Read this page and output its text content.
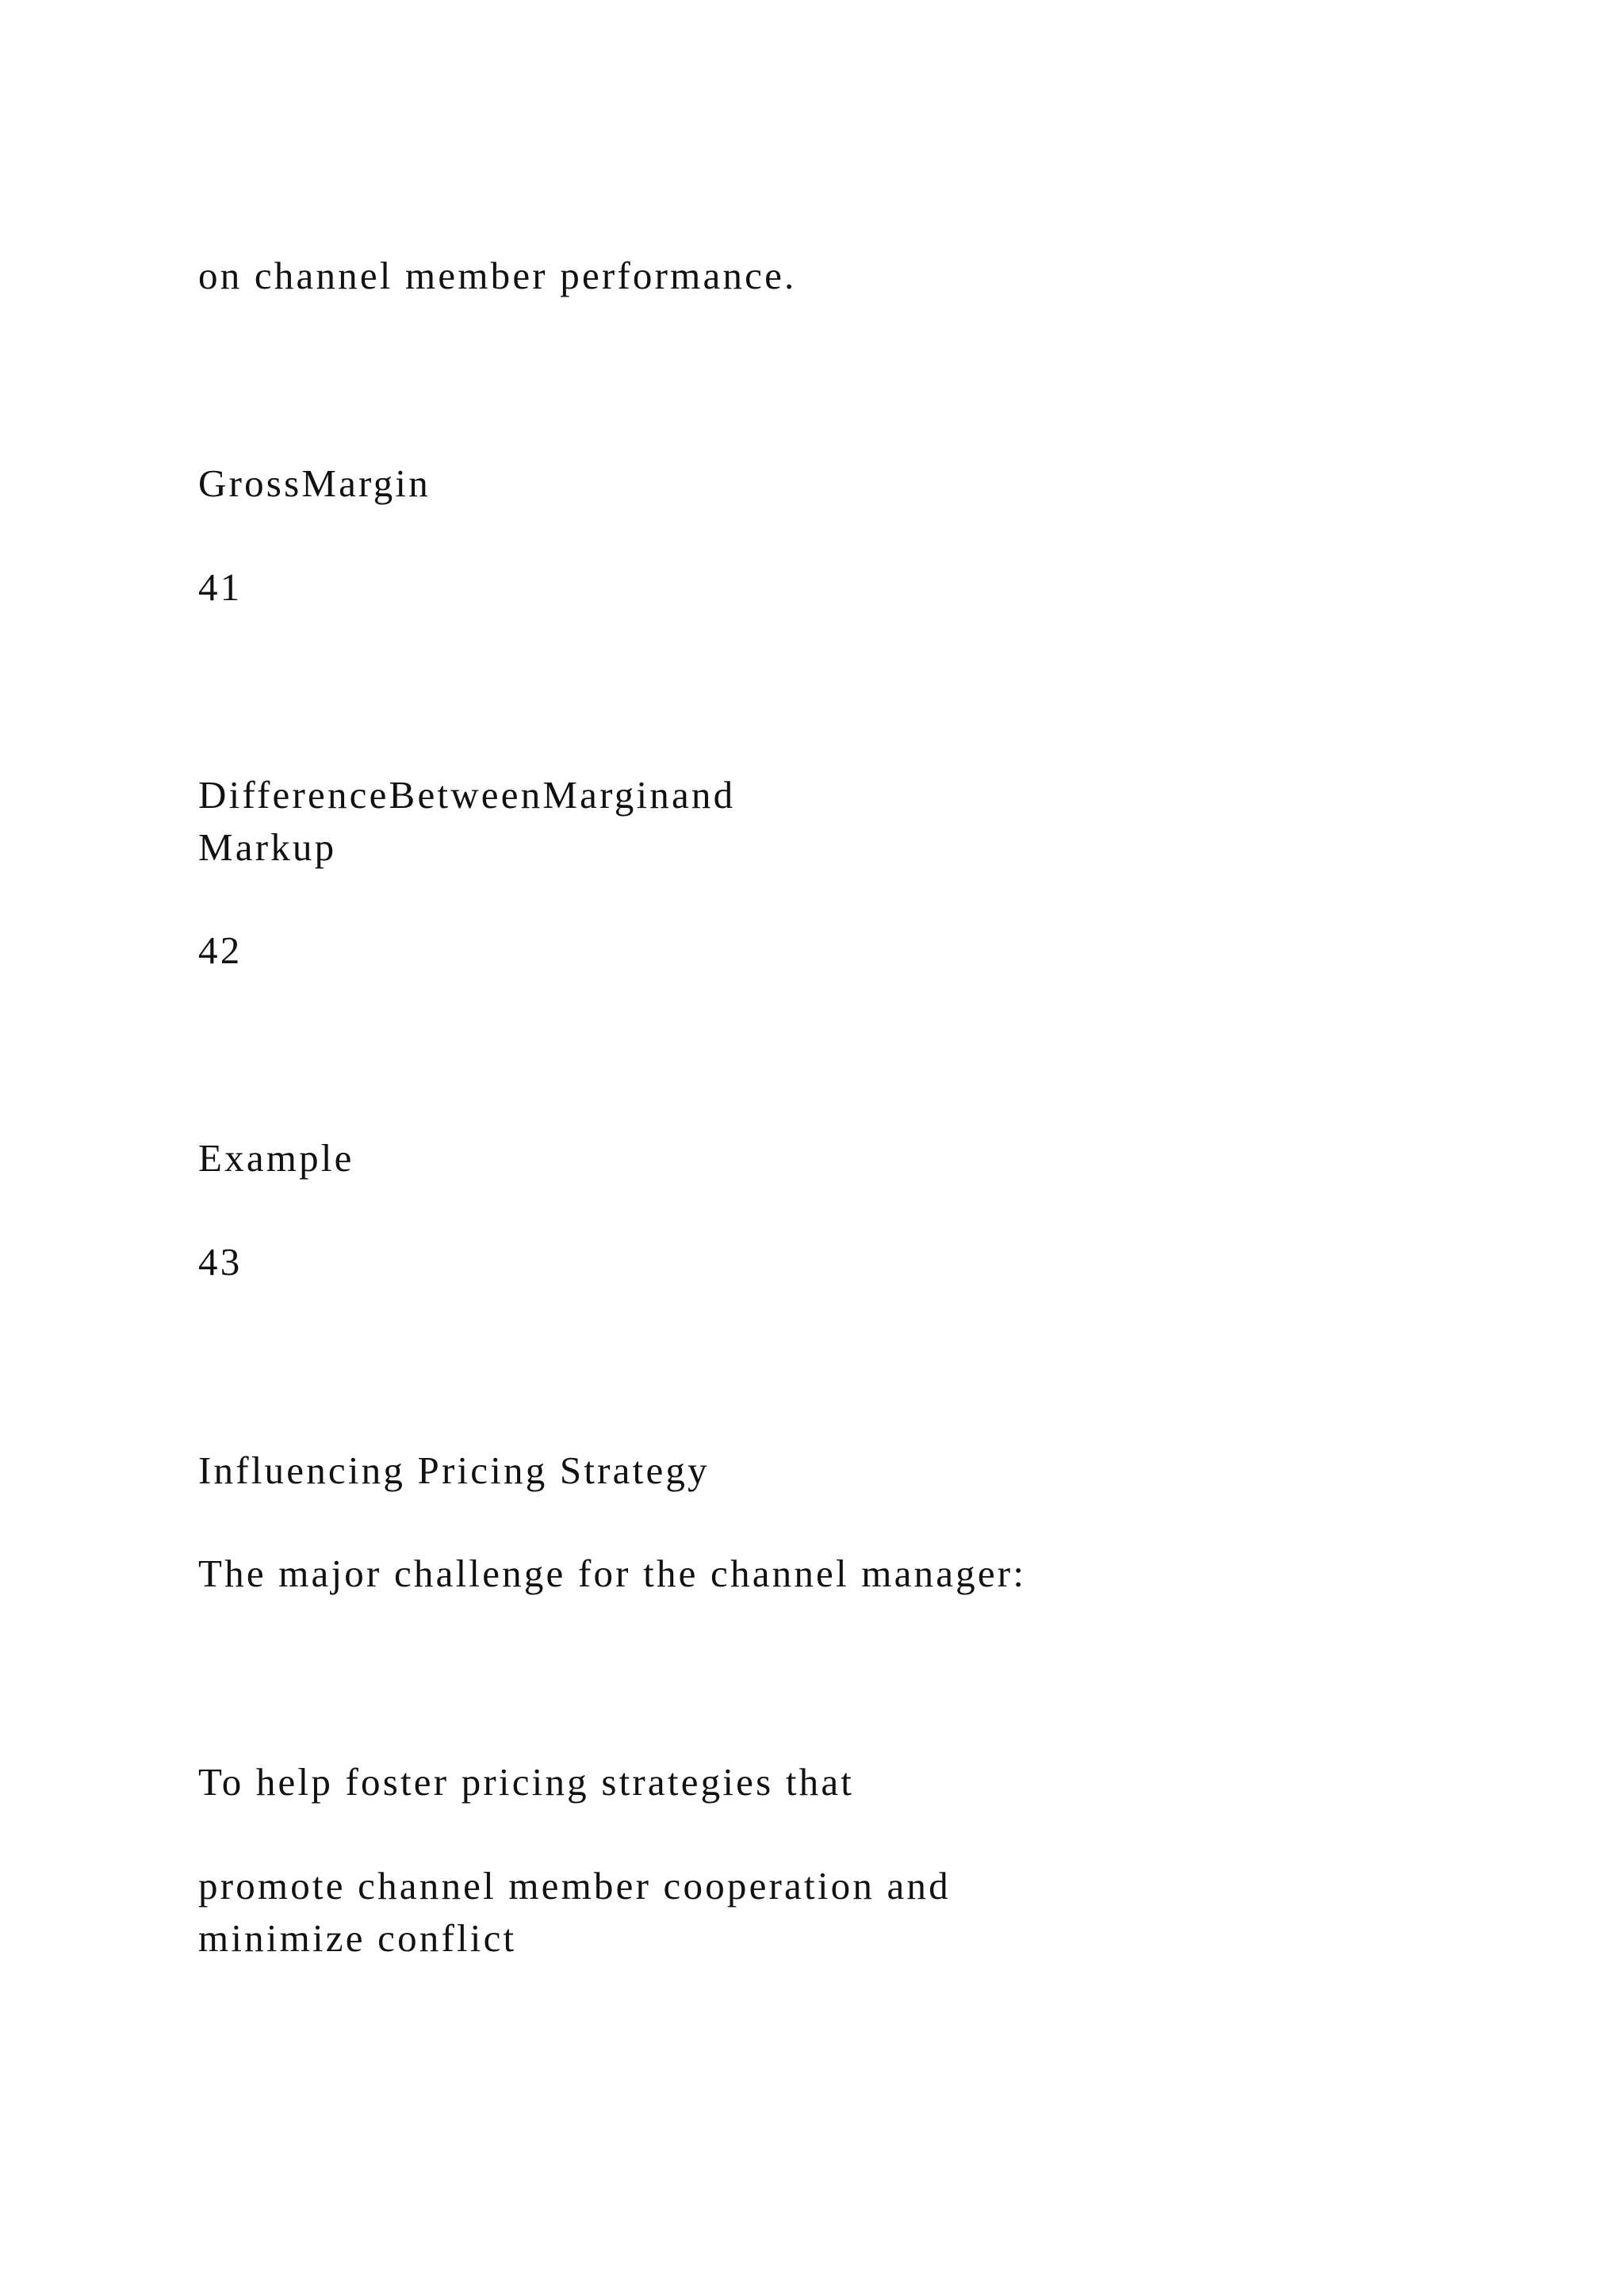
on channel member performance.

GrossMargin

41

DifferenceBetweenMarginand

Markup

42

Example

43

Influencing Pricing Strategy

The major challenge for the channel manager:

To help foster pricing strategies that

promote channel member cooperation and

minimize conflict
